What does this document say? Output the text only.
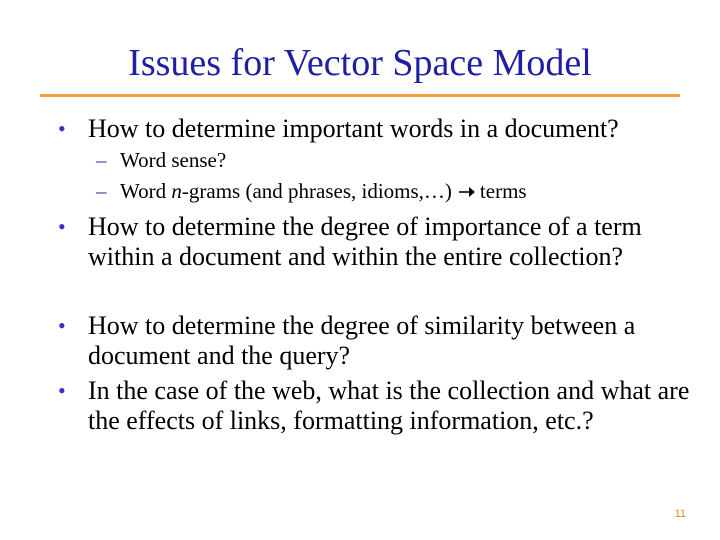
Issues for Vector Space Model
• How to determine important words in a document?
– Word sense?
– Word n-grams (and phrases, idioms,…) terms
• How to determine the degree of importance of a term within a document and within the entire collection?
• How to determine the degree of similarity between a document and the query?
• In the case of the web, what is the collection and what are the effects of links, formatting information, etc.?
11
